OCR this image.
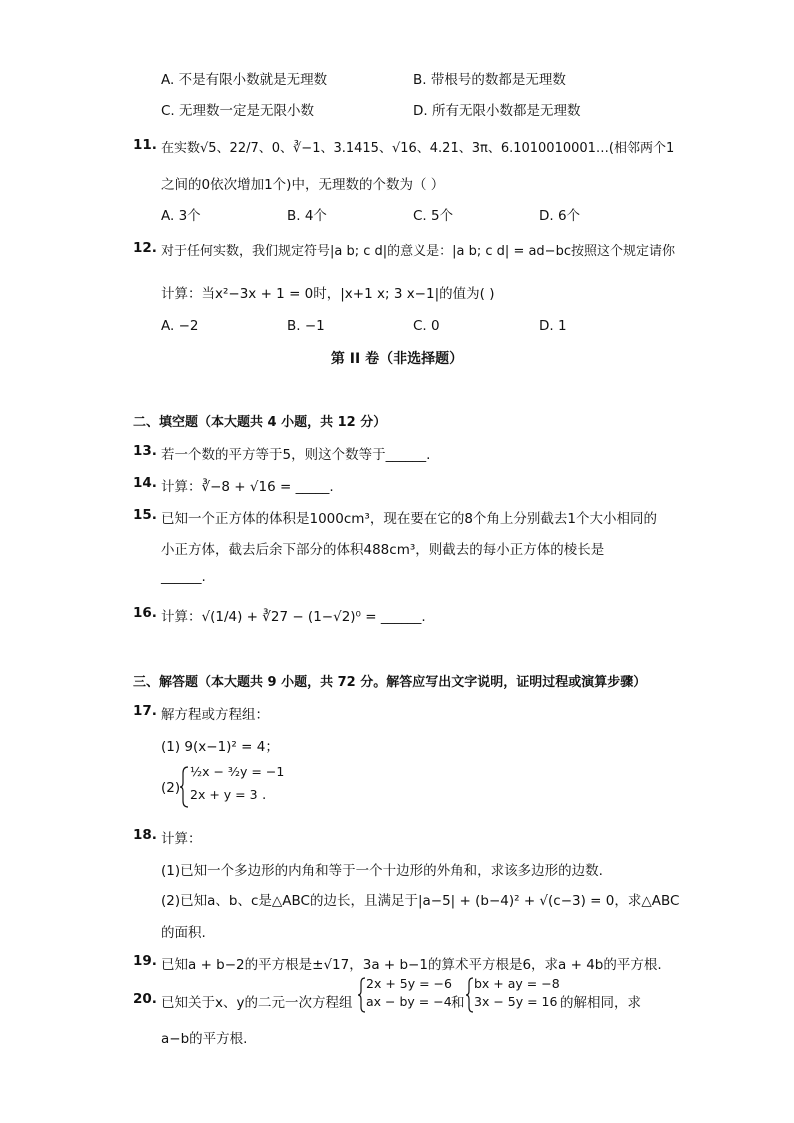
A. 不是有限小数就是无理数	B. 带根号的数都是无理数
C. 无理数一定是无限小数	D. 所有无限小数都是无理数
11. 在实数√5、22/7、0、∛−1、3.1415、√16、4.2̇1̇、3π、6.1010010001…(相邻两个1
之间的0依次增加1个)中，无理数的个数为（ ）
A. 3个	B. 4个	C. 5个	D. 6个
12. 对于任何实数，我们规定符号|a b; c d|的意义是：|a b; c d| = ad−bc按照这个规定请你
计算：当x²−3x + 1 = 0时，|x+1 x; 3 x−1|的值为( )
A. −2	B. −1	C. 0	D. 1
第 II 卷（非选择题）
二、填空题（本大题共 4 小题，共 12 分）
13. 若一个数的平方等于5，则这个数等于______.
14. 计算：∛−8 + √16 = _____.
15. 已知一个正方体的体积是1000cm³，现在要在它的8个角上分别截去1个大小相同的
小正方体，截去后余下部分的体积488cm³，则截去的每小正方体的棱长是
______.
16. 计算：√(1/4) + ∛27 − (1−√2)⁰ = ______.
三、解答题（本大题共 9 小题，共 72 分。解答应写出文字说明，证明过程或演算步骤）
17. 解方程或方程组：
(1) 9(x−1)² = 4；
(2)
½x − ³⁄₂y = −1
2x + y = 3 .
18. 计算：
(1)已知一个多边形的内角和等于一个十边形的外角和，求该多边形的边数.
(2)已知a、b、c是△ABC的边长，且满足于|a−5| + (b−4)² + √(c−3) = 0，求△ABC
的面积.
19. 已知a + b−2的平方根是±√17，3a + b−1的算术平方根是6，求a + 4b的平方根.
20. 已知关于x、y的二元一次方程组
2x + 5y = −6
ax − by = −4 和
bx + ay = −8
3x − 5y = 16 的解相同，求
a−b的平方根.
